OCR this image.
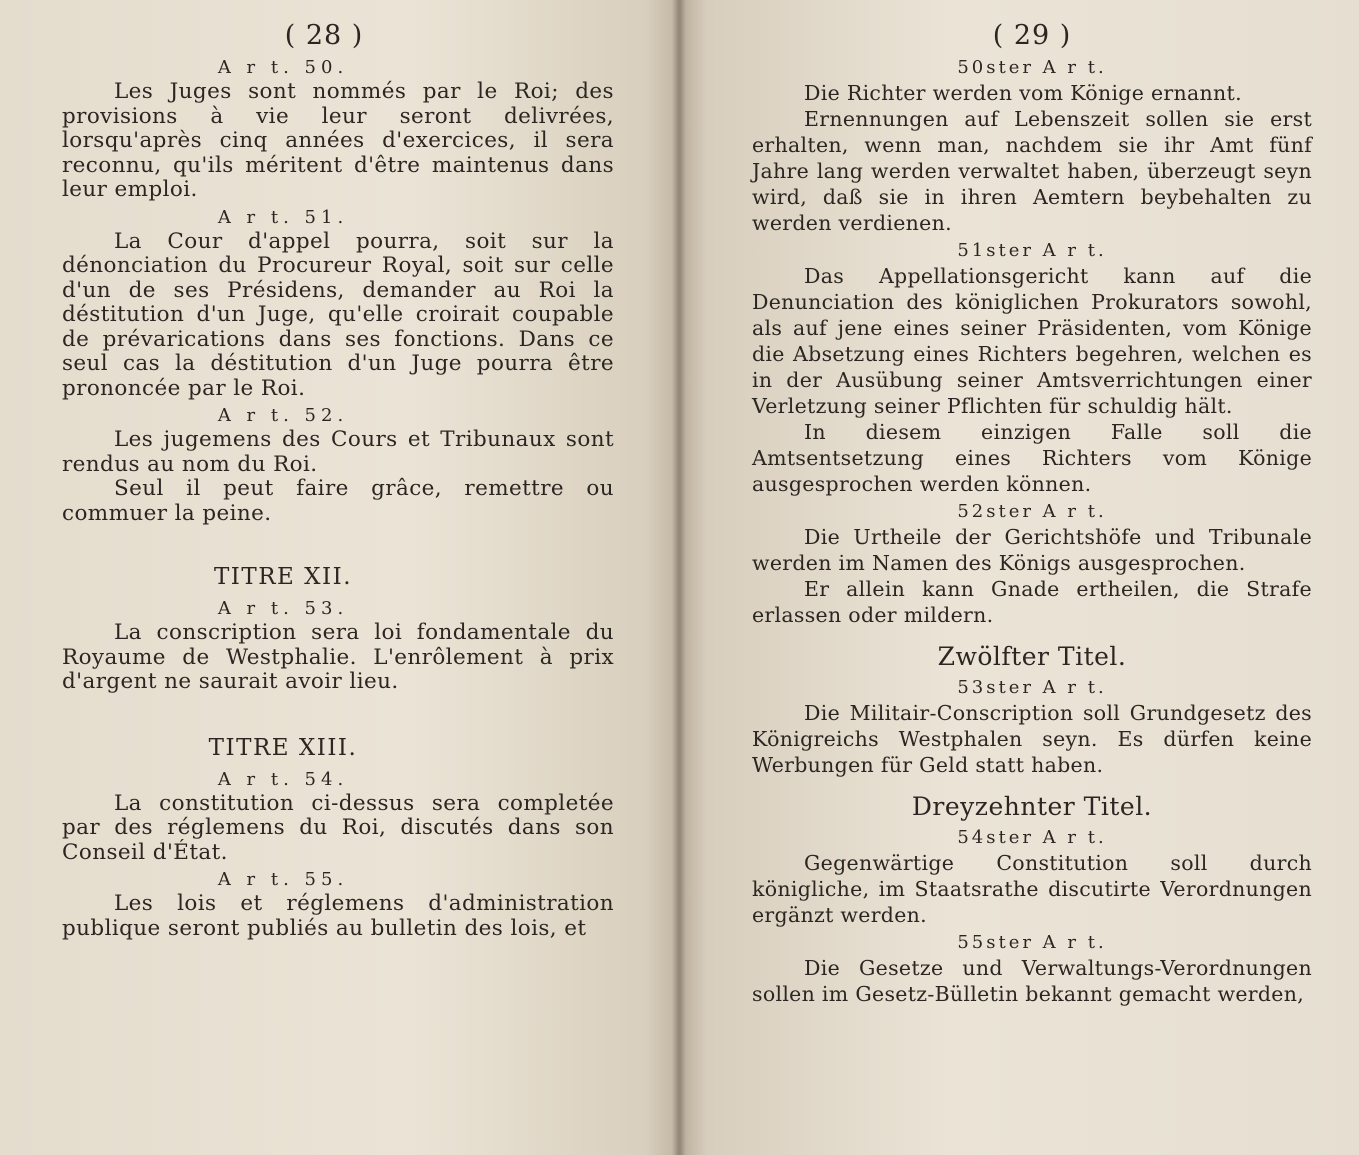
( 28 )
A r t. 50.

Les Juges sont nommés par le Roi; des provisions à vie leur seront delivrées, lorsqu'après cinq années d'exercices, il sera reconnu, qu'ils méritent d'être maintenus dans leur emploi.

A r t. 51.

La Cour d'appel pourra, soit sur la dénonciation du Procureur Royal, soit sur celle d'un de ses Présidens, demander au Roi la déstitution d'un Juge, qu'elle croirait coupable de prévarications dans ses fonctions. Dans ce seul cas la déstitution d'un Juge pourra être prononcée par le Roi.

A r t. 52.

Les jugemens des Cours et Tribunaux sont rendus au nom du Roi.

Seul il peut faire grâce, remettre ou commuer la peine.

TITRE XII.
A r t. 53.

La conscription sera loi fondamentale du Royaume de Westphalie. L'enrôlement à prix d'argent ne saurait avoir lieu.

TITRE XIII.
A r t. 54.

La constitution ci-dessus sera completée par des réglemens du Roi, discutés dans son Conseil d'État.

A r t. 55.

Les lois et réglemens d'administration publique seront publiés au bulletin des lois, et

( 29 )
50ster A r t.

Die Richter werden vom Könige ernannt.

Ernennungen auf Lebenszeit sollen sie erst erhalten, wenn man, nachdem sie ihr Amt fünf Jahre lang werden verwaltet haben, überzeugt seyn wird, daß sie in ihren Aemtern beybehalten zu werden verdienen.

51ster A r t.

Das Appellationsgericht kann auf die Denunciation des königlichen Prokurators sowohl, als auf jene eines seiner Präsidenten, vom Könige die Absetzung eines Richters begehren, welchen es in der Ausübung seiner Amtsverrichtungen einer Verletzung seiner Pflichten für schuldig hält.

In diesem einzigen Falle soll die Amtsentsetzung eines Richters vom Könige ausgesprochen werden können.

52ster A r t.

Die Urtheile der Gerichtshöfe und Tribunale werden im Namen des Königs ausgesprochen.

Er allein kann Gnade ertheilen, die Strafe erlassen oder mildern.

Zwölfter Titel.
53ster A r t.

Die Militair-Conscription soll Grundgesetz des Königreichs Westphalen seyn. Es dürfen keine Werbungen für Geld statt haben.

Dreyzehnter Titel.
54ster A r t.

Gegenwärtige Constitution soll durch königliche, im Staatsrathe discutirte Verordnungen ergänzt werden.

55ster A r t.

Die Gesetze und Verwaltungs-Verordnungen sollen im Gesetz-Bülletin bekannt gemacht werden,
